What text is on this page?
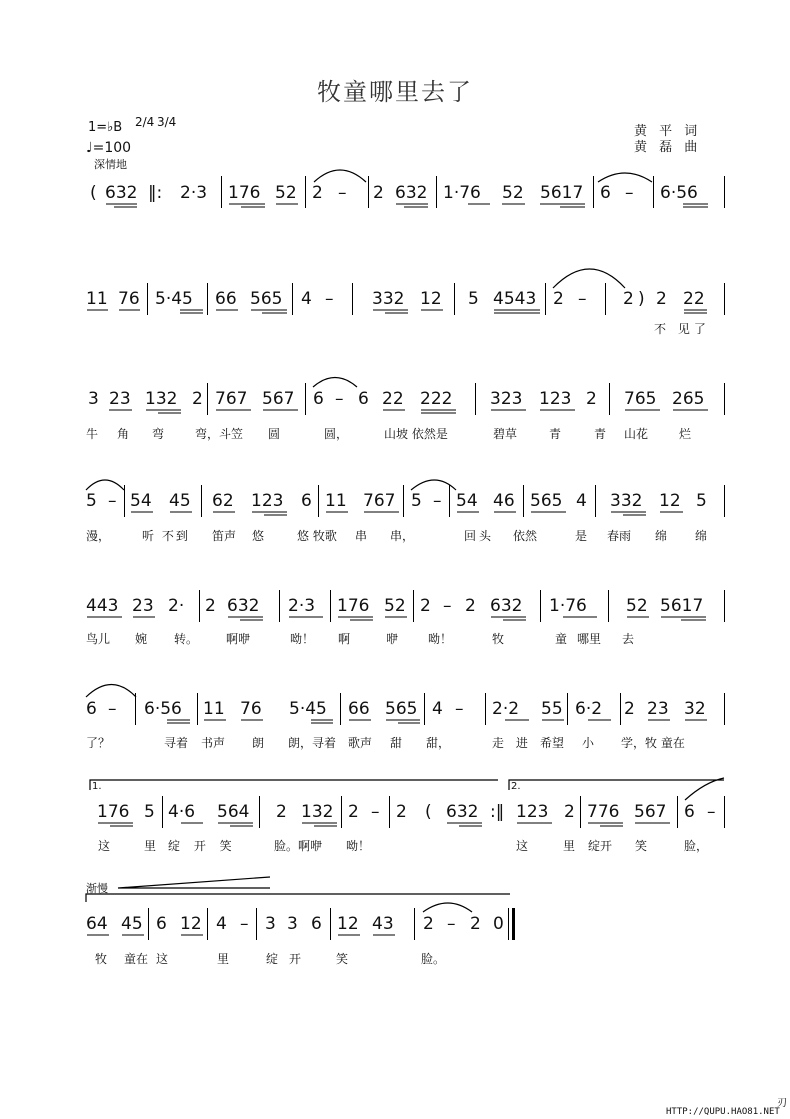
牧童哪里去了
1=♭B 2/4 3/4
♩=100
深情地
黄 平 词
黄 磊 曲
( 632 ‖: 2·3 176 52 2 – 2 632 1·76 52 5617 6 – 6·56
11 76 5·45 66 565 4 – 332 12 5 4543 2 – 2 ) 2 22
不 见了
3 23 132 2 767 567 6 – 6 22 222 323 123 2 765 265
牛 角 弯	弯，斗笠 圆	圆，	山坡 依然是	碧草	青	青 山花	烂
5 – 54 45 62 123 6 11 767 5 – 54 46 565 4 332 12 5
漫，	听 不到 笛声 悠	悠 牧歌 串 串，	回 头 依然	是 春雨 绵 绵
443 23 2· 2 632 2·3 176 52 2 – 2 632 1·76 52 5617
鸟儿 婉 转。 啊咿	呦！ 啊	咿 呦！	牧	童 哪里 去
6 – 6·56 11 76 5·45 66 565 4 – 2·2 55 6·2 2 23 32
了？	寻着 书声 朗 朗，寻着 歌声 甜 甜，	走 进 希望 小 学，牧 童在
1.	2.
176 5 4·6 564 2 132 2 – 2 ( 632 :‖ 123 2 776 567 6 –
这	里 绽 开 笑	脸。啊咿 呦！	这	里 绽开 笑	脸，
渐慢
64 45 6 12 4 – 3 3 6 12 43 2 – 2 0
牧 童在 这	里	绽 开	笑	脸。
HTTP://QUPU.HAO81.NET
刃
